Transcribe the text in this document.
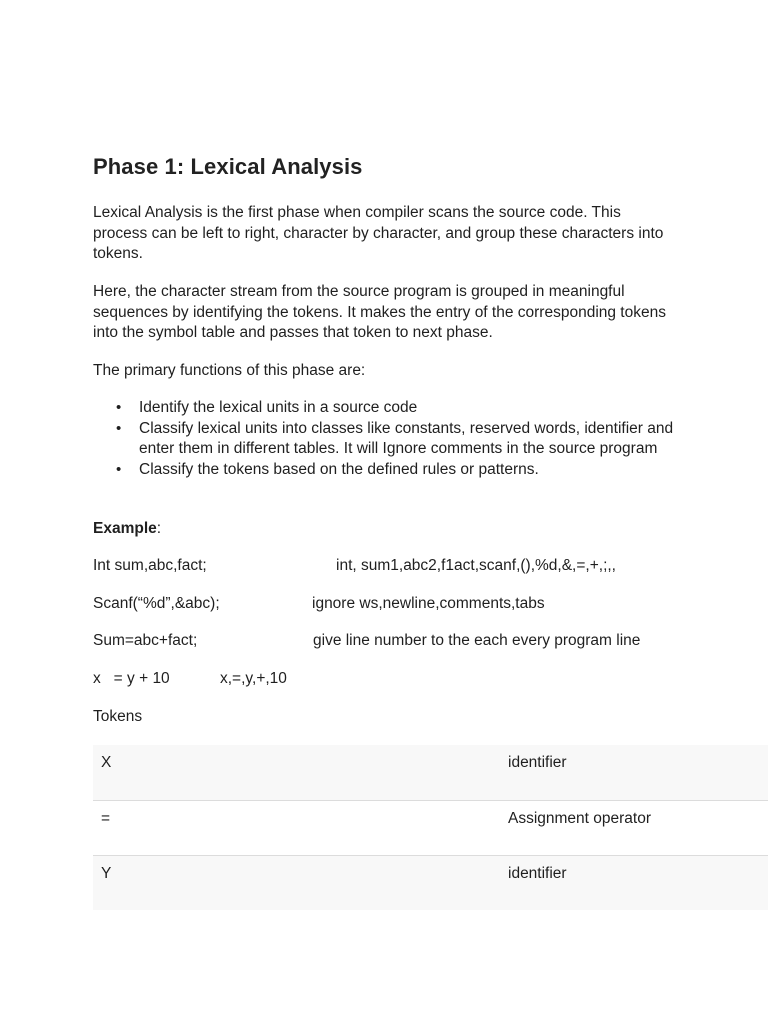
Phase 1: Lexical Analysis

Lexical Analysis is the first phase when compiler scans the source code. This process can be left to right, character by character, and group these characters into tokens.

Here, the character stream from the source program is grouped in meaningful sequences by identifying the tokens. It makes the entry of the corresponding tokens into the symbol table and passes that token to next phase.

The primary functions of this phase are:

• Identify the lexical units in a source code
• Classify lexical units into classes like constants, reserved words, identifier and enter them in different tables. It will Ignore comments in the source program
• Classify the tokens based on the defined rules or patterns.

Example:

Int sum,abc,fact;	int, sum1,abc2,f1act,scanf,(),%d,&,=,+,;,,
Scanf(“%d”,&abc);	ignore ws,newline,comments,tabs
Sum=abc+fact;	give line number to the each every program line
x   = y + 10	x,=,y,+,10

Tokens

X	identifier
=	Assignment operator
Y	identifier
